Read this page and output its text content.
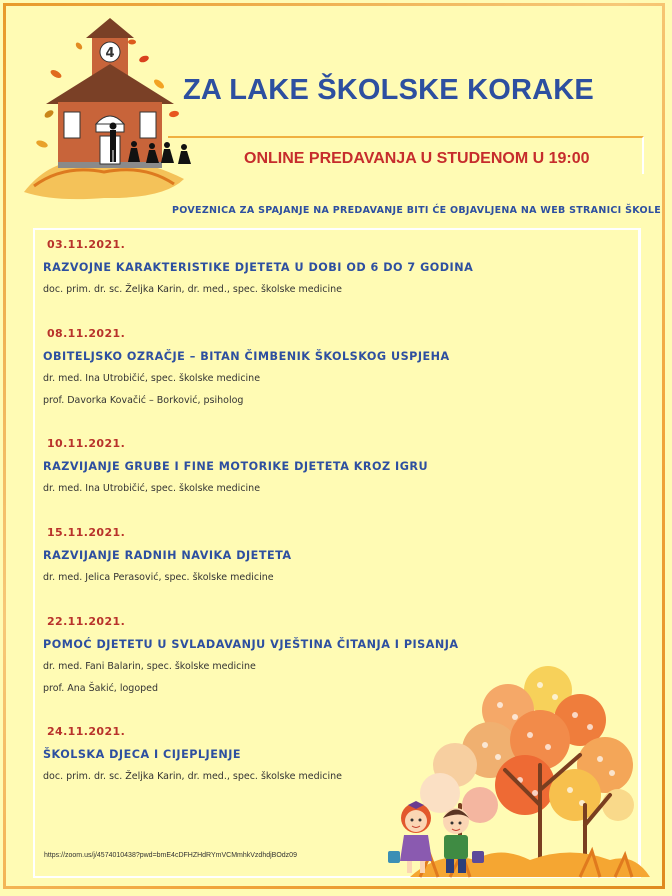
4
ZA LAKE ŠKOLSKE KORAKE
ONLINE PREDAVANJA U STUDENOM U 19:00
POVEZNICA ZA SPAJANJE NA PREDAVANJE BITI ĆE OBJAVLJENA NA WEB STRANICI ŠKOLE
03.11.2021.
RAZVOJNE KARAKTERISTIKE DJETETA U DOBI OD 6 DO 7 GODINA
doc. prim. dr. sc. Željka Karin, dr. med., spec. školske medicine
08.11.2021.
OBITELJSKO OZRAČJE – BITAN ČIMBENIK ŠKOLSKOG USPJEHA
dr. med. Ina Utrobičić, spec. školske medicine
prof. Davorka Kovačić – Borković, psiholog
10.11.2021.
RAZVIJANJE GRUBE I FINE MOTORIKE DJETETA KROZ IGRU
dr. med. Ina Utrobičić, spec. školske medicine
15.11.2021.
RAZVIJANJE RADNIH NAVIKA DJETETA
dr. med. Jelica Perasović, spec. školske medicine
22.11.2021.
POMOĆ DJETETU U SVLADAVANJU VJEŠTINA ČITANJA I PISANJA
dr. med. Fani Balarin, spec. školske medicine
prof. Ana Šakić, logoped
24.11.2021.
ŠKOLSKA DJECA I CIJEPLJENJE
doc. prim. dr. sc. Željka Karin, dr. med., spec. školske medicine
https://zoom.us/j/4574010438?pwd=bmE4cDFHZHdRYmVCMmhkVzdhdjBOdz09
